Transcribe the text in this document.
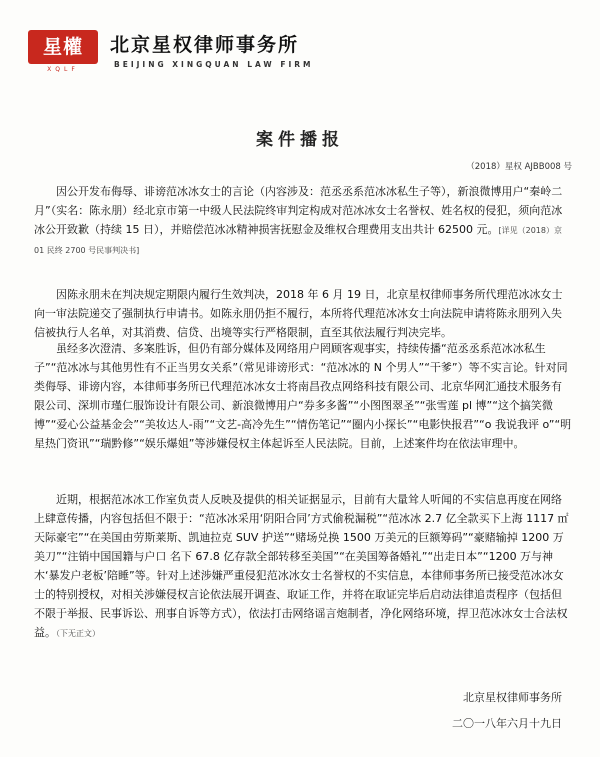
星權
XQLF
北京星权律师事务所
BEIJING XINGQUAN LAW FIRM
案件播报
（2018）星权 AJBB008 号

因公开发布侮辱、诽谤范冰冰女士的言论（内容涉及：范丞丞系范冰冰私生子等），新浪微博用户“秦岭二月”（实名：陈永朋）经北京市第一中级人民法院终审判定构成对范冰冰女士名誉权、姓名权的侵犯，须向范冰冰公开致歉（持续 15 日），并赔偿范冰冰精神损害抚慰金及维权合理费用支出共计 62500 元。[详见（2018）京 01 民终 2700 号民事判决书]

因陈永朋未在判决规定期限内履行生效判决，2018 年 6 月 19 日，北京星权律师事务所代理范冰冰女士向一审法院递交了强制执行申请书。如陈永朋仍拒不履行，本所将代理范冰冰女士向法院申请将陈永朋列入失信被执行人名单，对其消费、信贷、出境等实行严格限制，直至其依法履行判决完毕。

虽经多次澄清、多案胜诉，但仍有部分媒体及网络用户罔顾客观事实，持续传播“范丞丞系范冰冰私生子”“范冰冰与其他男性有不正当男女关系”（常见诽谤形式：“范冰冰的 N 个男人”“干爹”）等不实言论。针对同类侮辱、诽谤内容，本律师事务所已代理范冰冰女士将南昌孜点网络科技有限公司、北京华网汇通技术服务有限公司、深圳市瑾仁服饰设计有限公司、新浪微博用户“券多多酱”“小图图翠圣”“张雪莲 pl 博”“这个搞笑微博”“爱心公益基金会”“美妆达人-雨”“文艺-高冷先生”“情伤笔记”“圈内小探长”“电影快报君”“o 我说我评 o”“明星热门资讯”“瑞黔修”“娱乐爆姐”等涉嫌侵权主体起诉至人民法院。目前，上述案件均在依法审理中。

近期，根据范冰冰工作室负责人反映及提供的相关证据显示，目前有大量耸人听闻的不实信息再度在网络上肆意传播，内容包括但不限于：“范冰冰采用‘阴阳合同’方式偷税漏税”“范冰冰 2.7 亿全款买下上海 1117 ㎡天际豪宅”“在美国由劳斯莱斯、凯迪拉克 SUV 护送”“赌场兑换 1500 万美元的巨额筹码”“豪赌输掉 1200 万美刀”“注销中国国籍与户口 名下 67.8 亿存款全部转移至美国”“在美国筹备婚礼”“出走日本”“1200 万与神木‘暴发户老板’陪睡”等。针对上述涉嫌严重侵犯范冰冰女士名誉权的不实信息，本律师事务所已接受范冰冰女士的特别授权，对相关涉嫌侵权言论依法展开调查、取证工作，并将在取证完毕后启动法律追责程序（包括但不限于举报、民事诉讼、刑事自诉等方式），依法打击网络谣言炮制者，净化网络环境，捍卫范冰冰女士合法权益。（下无正文）

北京星权律师事务所
二〇一八年六月十九日
